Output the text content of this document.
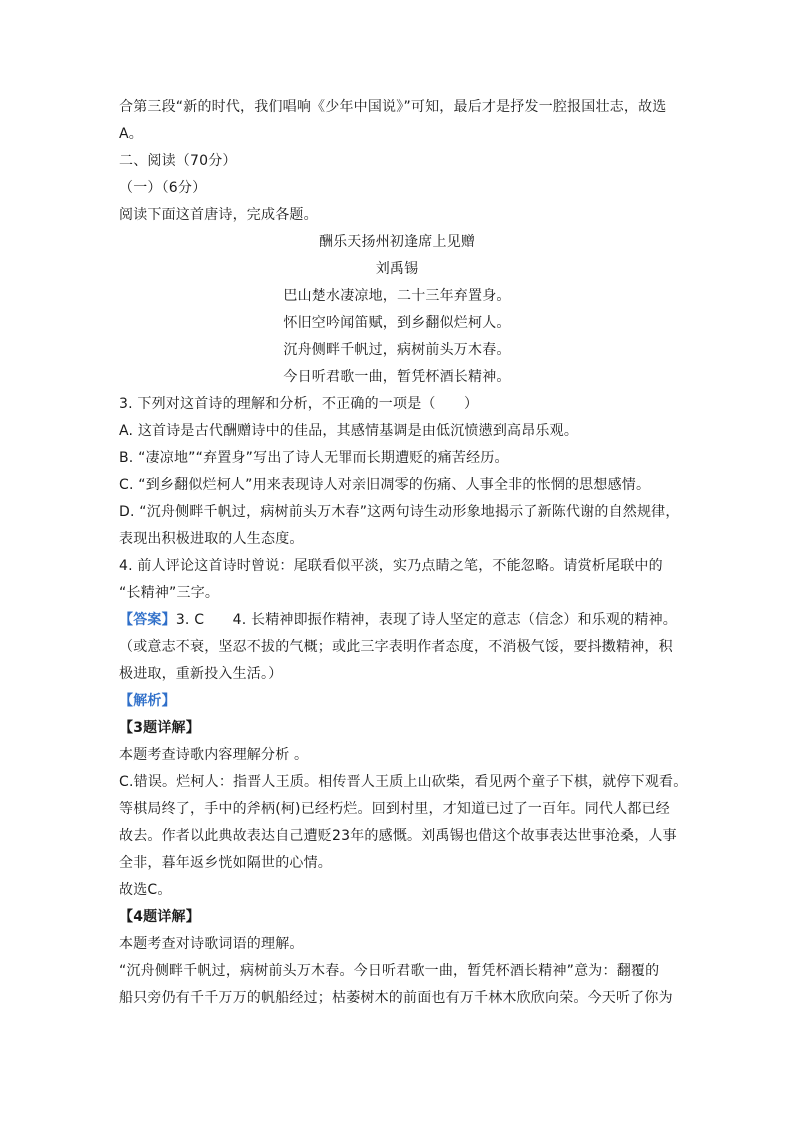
合第三段“新的时代，我们唱响《少年中国说》”可知，最后才是抒发一腔报国壮志，故选
A。
二、阅读（70分）
（一）（6分）
阅读下面这首唐诗，完成各题。
酬乐天扬州初逢席上见赠
刘禹锡
巴山楚水凄凉地，二十三年弃置身。
怀旧空吟闻笛赋，到乡翻似烂柯人。
沉舟侧畔千帆过，病树前头万木春。
今日听君歌一曲，暂凭杯酒长精神。
3. 下列对这首诗的理解和分析，不正确的一项是（　　）
A. 这首诗是古代酬赠诗中的佳品，其感情基调是由低沉愤懑到高昂乐观。
B. “凄凉地”“弃置身”写出了诗人无罪而长期遭贬的痛苦经历。
C. “到乡翻似烂柯人”用来表现诗人对亲旧凋零的伤痛、人事全非的怅惘的思想感情。
D. “沉舟侧畔千帆过，病树前头万木春”这两句诗生动形象地揭示了新陈代谢的自然规律，
表现出积极进取的人生态度。
4. 前人评论这首诗时曾说：尾联看似平淡，实乃点睛之笔，不能忽略。请赏析尾联中的
“长精神”三字。
【答案】3. C　　4. 长精神即振作精神，表现了诗人坚定的意志（信念）和乐观的精神。
（或意志不衰，坚忍不拔的气概；或此三字表明作者态度，不消极气馁，要抖擞精神，积
极进取，重新投入生活。）
【解析】
【3题详解】
本题考查诗歌内容理解分析 。
C.错误。烂柯人：指晋人王质。相传晋人王质上山砍柴，看见两个童子下棋，就停下观看。
等棋局终了，手中的斧柄(柯)已经朽烂。回到村里，才知道已过了一百年。同代人都已经
故去。作者以此典故表达自己遭贬23年的感慨。刘禹锡也借这个故事表达世事沧桑，人事
全非，暮年返乡恍如隔世的心情。
故选C。
【4题详解】
本题考查对诗歌词语的理解。
“沉舟侧畔千帆过，病树前头万木春。今日听君歌一曲，暂凭杯酒长精神”意为：翻覆的
船只旁仍有千千万万的帆船经过；枯萎树木的前面也有万千林木欣欣向荣。今天听了你为
